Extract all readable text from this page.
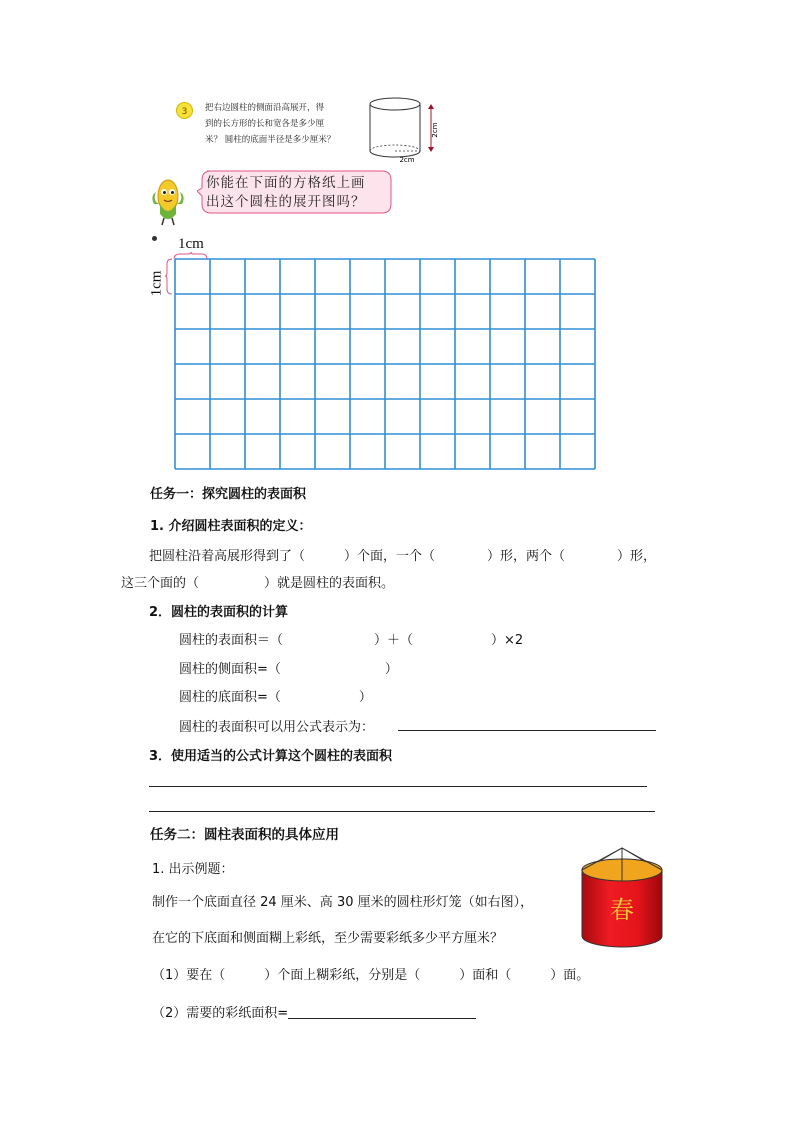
3 把右边圆柱的侧面沿高展开，得
到的长方形的长和宽各是多少厘
米？ 圆柱的底面半径是多少厘米？
2cm
2cm
你能在下面的方格纸上画
出这个圆柱的展开图吗？
1cm
1cm
任务一：探究圆柱的表面积
1. 介绍圆柱表面积的定义：
把圆柱沿着高展形得到了（　　　）个面，一个（　　　　）形，两个（　　　　）形，
这三个面的（　　　　　）就是圆柱的表面积。
2．圆柱的表面积的计算
圆柱的表面积＝（　　　　　　　）＋（　　　　　　）×2
圆柱的侧面积=（　　　　　　　　）
圆柱的底面积=（　　　　　　）
圆柱的表面积可以用公式表示为：
3．使用适当的公式计算这个圆柱的表面积
任务二：圆柱表面积的具体应用
1. 出示例题：
制作一个底面直径 24 厘米、高 30 厘米的圆柱形灯笼（如右图），
在它的下底面和侧面糊上彩纸，至少需要彩纸多少平方厘米？
（1）要在（　　　）个面上糊彩纸，分别是（　　　）面和（　　　）面。
（2）需要的彩纸面积=
春
